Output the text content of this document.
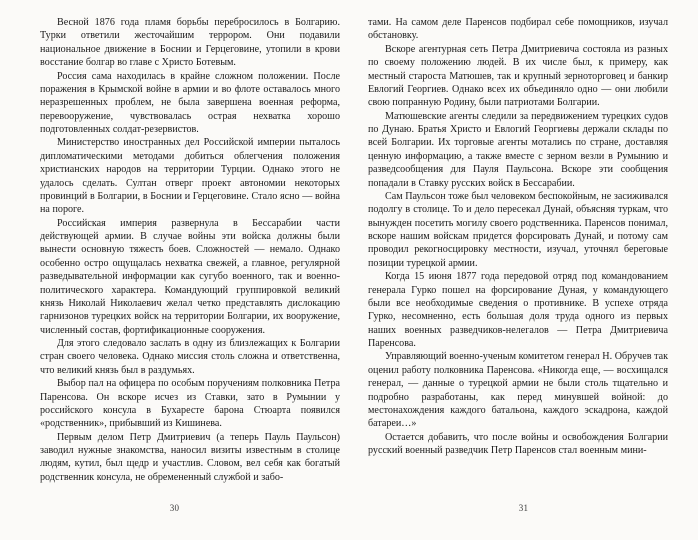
Весной 1876 года пламя борьбы перебросилось в Болгарию. Турки ответили жесточайшим террором. Они подавили национальное движение в Боснии и Герцеговине, утопили в крови восстание болгар во главе с Христо Ботевым.

Россия сама находилась в крайне сложном положении. После поражения в Крымской войне в армии и во флоте оставалось много неразрешенных проблем, не была завершена военная реформа, перевооружение, чувствовалась острая нехватка хорошо подготовленных солдат-резервистов.

Министерство иностранных дел Российской империи пыталось дипломатическими методами добиться облегчения положения христианских народов на территории Турции. Однако этого не удалось сделать. Султан отверг проект автономии некоторых провинций в Болгарии, в Боснии и Герцеговине. Стало ясно — война на пороге.

Российская империя развернула в Бессарабии части действующей армии. В случае войны эти войска должны были вынести основную тяжесть боев. Сложностей — немало. Однако особенно остро ощущалась нехватка свежей, а главное, регулярной разведывательной информации как сугубо военного, так и военно-политического характера. Командующий группировкой великий князь Николай Николаевич желал четко представлять дислокацию гарнизонов турецких войск на территории Болгарии, их вооружение, численный состав, фортификационные сооружения.

Для этого следовало заслать в одну из близлежащих к Болгарии стран своего человека. Однако миссия столь сложна и ответственна, что великий князь был в раздумьях.

Выбор пал на офицера по особым поручениям полковника Петра Паренсова. Он вскоре исчез из Ставки, зато в Румынии у российского консула в Бухаресте барона Стюарта появился «родственник», прибывший из Кишинева.

Первым делом Петр Дмитриевич (а теперь Пауль Паульсон) заводил нужные знакомства, наносил визиты известным в столице людям, кутил, был щедр и участлив. Словом, вел себя как богатый родственник консула, не обремененный службой и забо-

30

тами. На самом деле Паренсов подбирал себе помощников, изучал обстановку.

Вскоре агентурная сеть Петра Дмитриевича состояла из разных по своему положению людей. В их числе был, к примеру, как местный староста Матюшев, так и крупный зерноторговец и банкир Евлогий Георгиев. Однако всех их объединяло одно — они любили свою попранную Родину, были патриотами Болгарии.

Матюшевские агенты следили за передвижением турецких судов по Дунаю. Братья Христо и Евлогий Георгиевы держали склады по всей Болгарии. Их торговые агенты мотались по стране, доставляя ценную информацию, а также вместе с зерном везли в Румынию и разведсообщения для Пауля Паульсона. Вскоре эти сообщения попадали в Ставку русских войск в Бессарабии.

Сам Паульсон тоже был человеком беспокойным, не засиживался подолгу в столице. То и дело пересекал Дунай, объясняя туркам, что вынужден посетить могилу своего родственника. Паренсов понимал, вскоре нашим войскам придется форсировать Дунай, и потому сам проводил рекогносцировку местности, изучал, уточнял береговые позиции турецкой армии.

Когда 15 июня 1877 года передовой отряд под командованием генерала Гурко пошел на форсирование Дуная, у командующего были все необходимые сведения о противнике. В успехе отряда Гурко, несомненно, есть большая доля труда одного из первых наших военных разведчиков-нелегалов — Петра Дмитриевича Паренсова.

Управляющий военно-ученым комитетом генерал Н. Обручев так оценил работу полковника Паренсова. «Никогда еще, — восхищался генерал, — данные о турецкой армии не были столь тщательно и подробно разработаны, как перед минувшей войной: до местонахождения каждого батальона, каждого эскадрона, каждой батареи…»

Остается добавить, что после войны и освобождения Болгарии русский военный разведчик Петр Паренсов стал военным мини-

31
